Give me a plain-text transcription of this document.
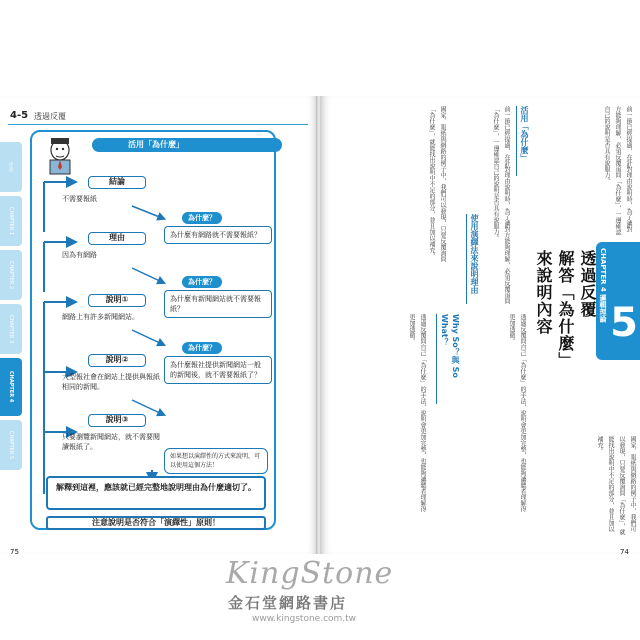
4-5 透過反覆
序章
CHAPTER 1
CHAPTER 2
CHAPTER 3
CHAPTER 4
CHAPTER 5
活用「為什麼」
結論
不需要報紙
為什麼？
理由	為什麼有網路就不需要報紙？
因為有網路
為什麼？
說明①	為什麼有新聞網站就不需要報紙？
網路上有許多新聞網站。
為什麼？
說明②
大型報社會在網站上提供與報紙相同的新聞。
為什麼報社提供新聞網站一般的新聞後，就不需要報紙了？
說明③
只要瀏覽新聞網站，就不需要閱讀報紙了。
如果想以演繹性的方式來說明，可以使用這個方法！
解釋到這裡，應該就已經完整地說明理由為什麼適切了。
注意說明是否符合「演繹性」原則！
75
CHAPTER 4 邏輯理論
5
透過反覆
解答「為什麼」
來說明內容
活用「為什麼」	前一節已經提過，在針對理由說明時，為了讓對方能夠理解，必須反覆追問「為什麼」，一邊確認自己的說明是否具有說服力。
前一節已經提過，在針對理由說明時，為了讓對方能夠理解，必須反覆追問「為什麼」，一邊確認自己的說明是否具有說服力。
Why So？與 So What？	透過反覆問自己「為什麼」的手法，說明會更加完整，也能夠讓聽者理解得更加透徹。
使用演繹法來說明理由
國家、報紙與網路的例子中，我們可以發現，只要反覆詢問「為什麼」，就能找出說明中不足的部分，並且加以補充。
透過反覆問自己「為什麼」的手法，說明會更加完整，也能夠讓聽者理解得更加透徹。
國家、報紙與網路的例子中，我們可以發現，只要反覆詢問「為什麼」，就能找出說明中不足的部分，並且加以補充。
74
KingStone
金石堂網路書店
www.kingstone.com.tw
